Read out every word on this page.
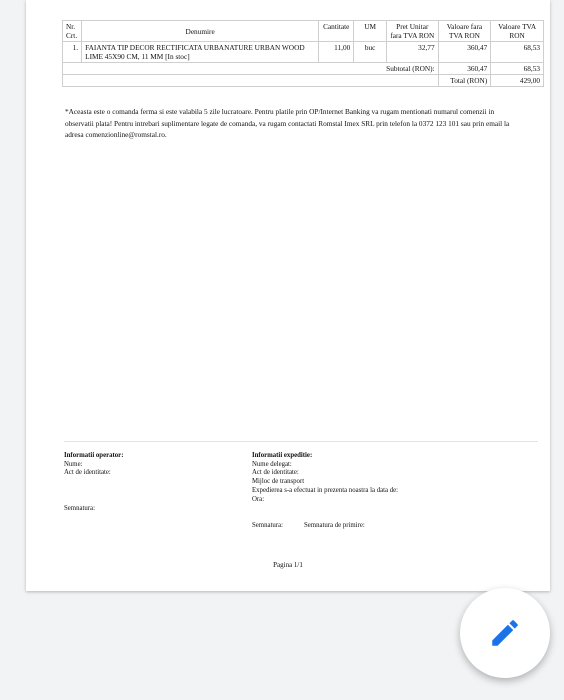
Nr. Crt.	Denumire	Cantitate	UM	Pret Unitar fara TVA RON	Valoare fara TVA RON	Valoare TVA RON
1.	FAIANTA TIP DECOR RECTIFICATA URBANATURE URBAN WOOD LIME 45X90 CM, 11 MM [In stoc]	11,00	buc	32,77	360,47	68,53
Subtotal (RON):					360,47	68,53
					Total (RON)	429,00
*Aceasta este o comanda ferma si este valabila 5 zile lucratoare. Pentru platile prin OP/Internet Banking va rugam mentionati numarul comenzii in observatii plata! Pentru intrebari suplimentare legate de comanda, va rugam contactati Romstal Imex SRL prin telefon la 0372 123 101 sau prin email la adresa comenzionline@romstal.ro.
Informatii operator:
Nume:
Act de identitate:
Semnatura:
Informatii expeditie:
Nume delegat:
Act de identitate:
Mijloc de transport
Expedierea s-a efectuat in prezenta noastra la data de:
Ora:
Semnatura:	Semnatura de primire:
Pagina 1/1
